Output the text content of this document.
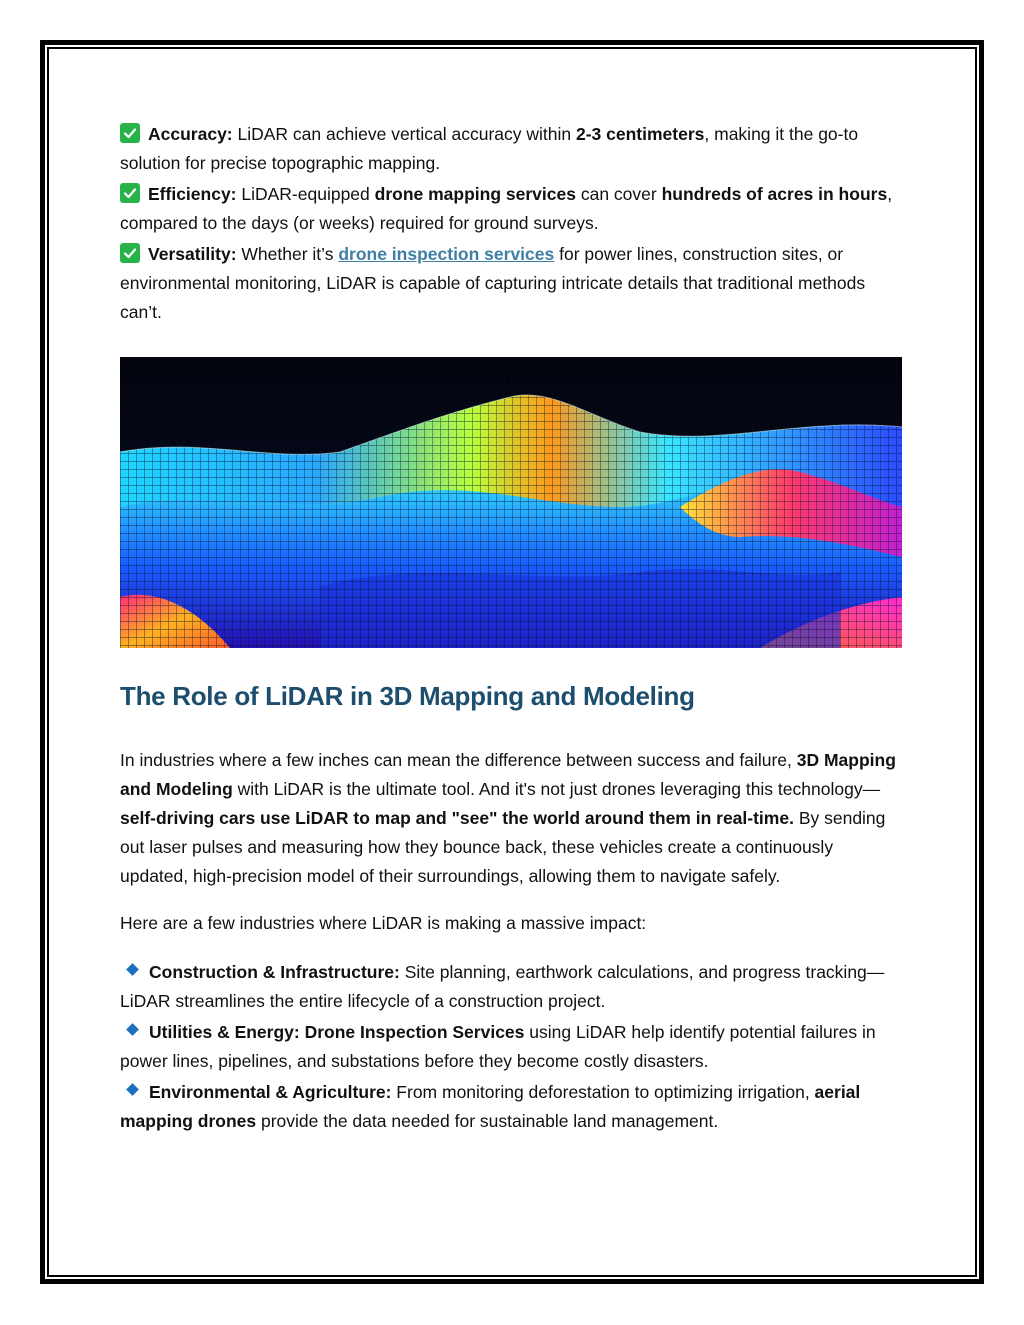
Accuracy: LiDAR can achieve vertical accuracy within 2-3 centimeters, making it the go-to solution for precise topographic mapping.

Efficiency: LiDAR-equipped drone mapping services can cover hundreds of acres in hours, compared to the days (or weeks) required for ground surveys.

Versatility: Whether it’s drone inspection services for power lines, construction sites, or environmental monitoring, LiDAR is capable of capturing intricate details that traditional methods can’t.

The Role of LiDAR in 3D Mapping and Modeling

In industries where a few inches can mean the difference between success and failure, 3D Mapping and Modeling with LiDAR is the ultimate tool. And it's not just drones leveraging this technology—self-driving cars use LiDAR to map and "see" the world around them in real-time. By sending out laser pulses and measuring how they bounce back, these vehicles create a continuously updated, high-precision model of their surroundings, allowing them to navigate safely.

Here are a few industries where LiDAR is making a massive impact:

Construction & Infrastructure: Site planning, earthwork calculations, and progress tracking—LiDAR streamlines the entire lifecycle of a construction project.

Utilities & Energy: Drone Inspection Services using LiDAR help identify potential failures in power lines, pipelines, and substations before they become costly disasters.

Environmental & Agriculture: From monitoring deforestation to optimizing irrigation, aerial mapping drones provide the data needed for sustainable land management.
